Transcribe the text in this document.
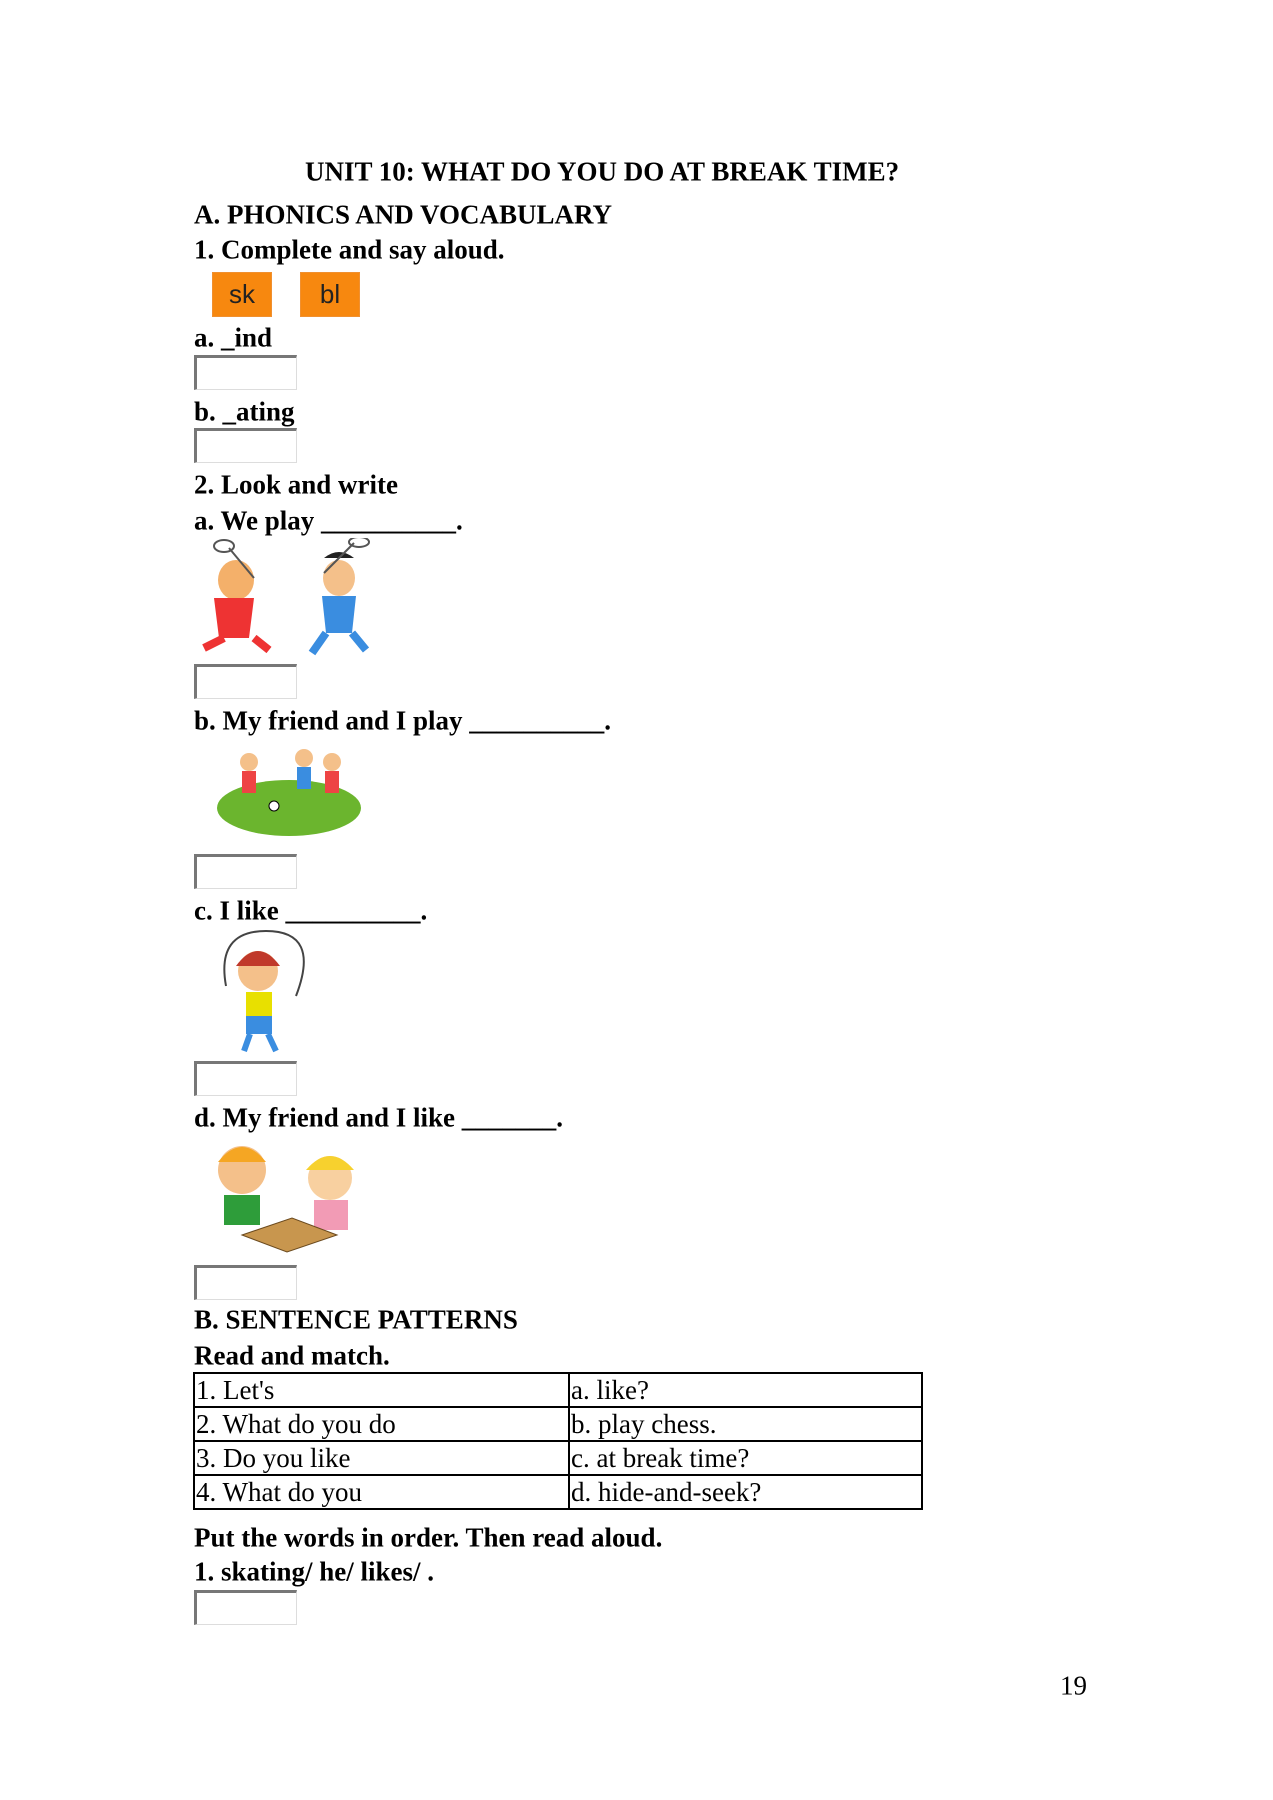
UNIT 10: WHAT DO YOU DO AT BREAK TIME?
A. PHONICS AND VOCABULARY
1. Complete and say aloud.
sk	bl
a. _ind
b. _ating
2. Look and write
a. We play __________.
b. My friend and I play __________.
c. I like __________.
d. My friend and I like _______.
B. SENTENCE PATTERNS
Read and match.
1. Let's	a. like?
2. What do you do	b. play chess.
3. Do you like	c. at break time?
4. What do you	d. hide-and-seek?
Put the words in order. Then read aloud.
1. skating/ he/ likes/ .
19
